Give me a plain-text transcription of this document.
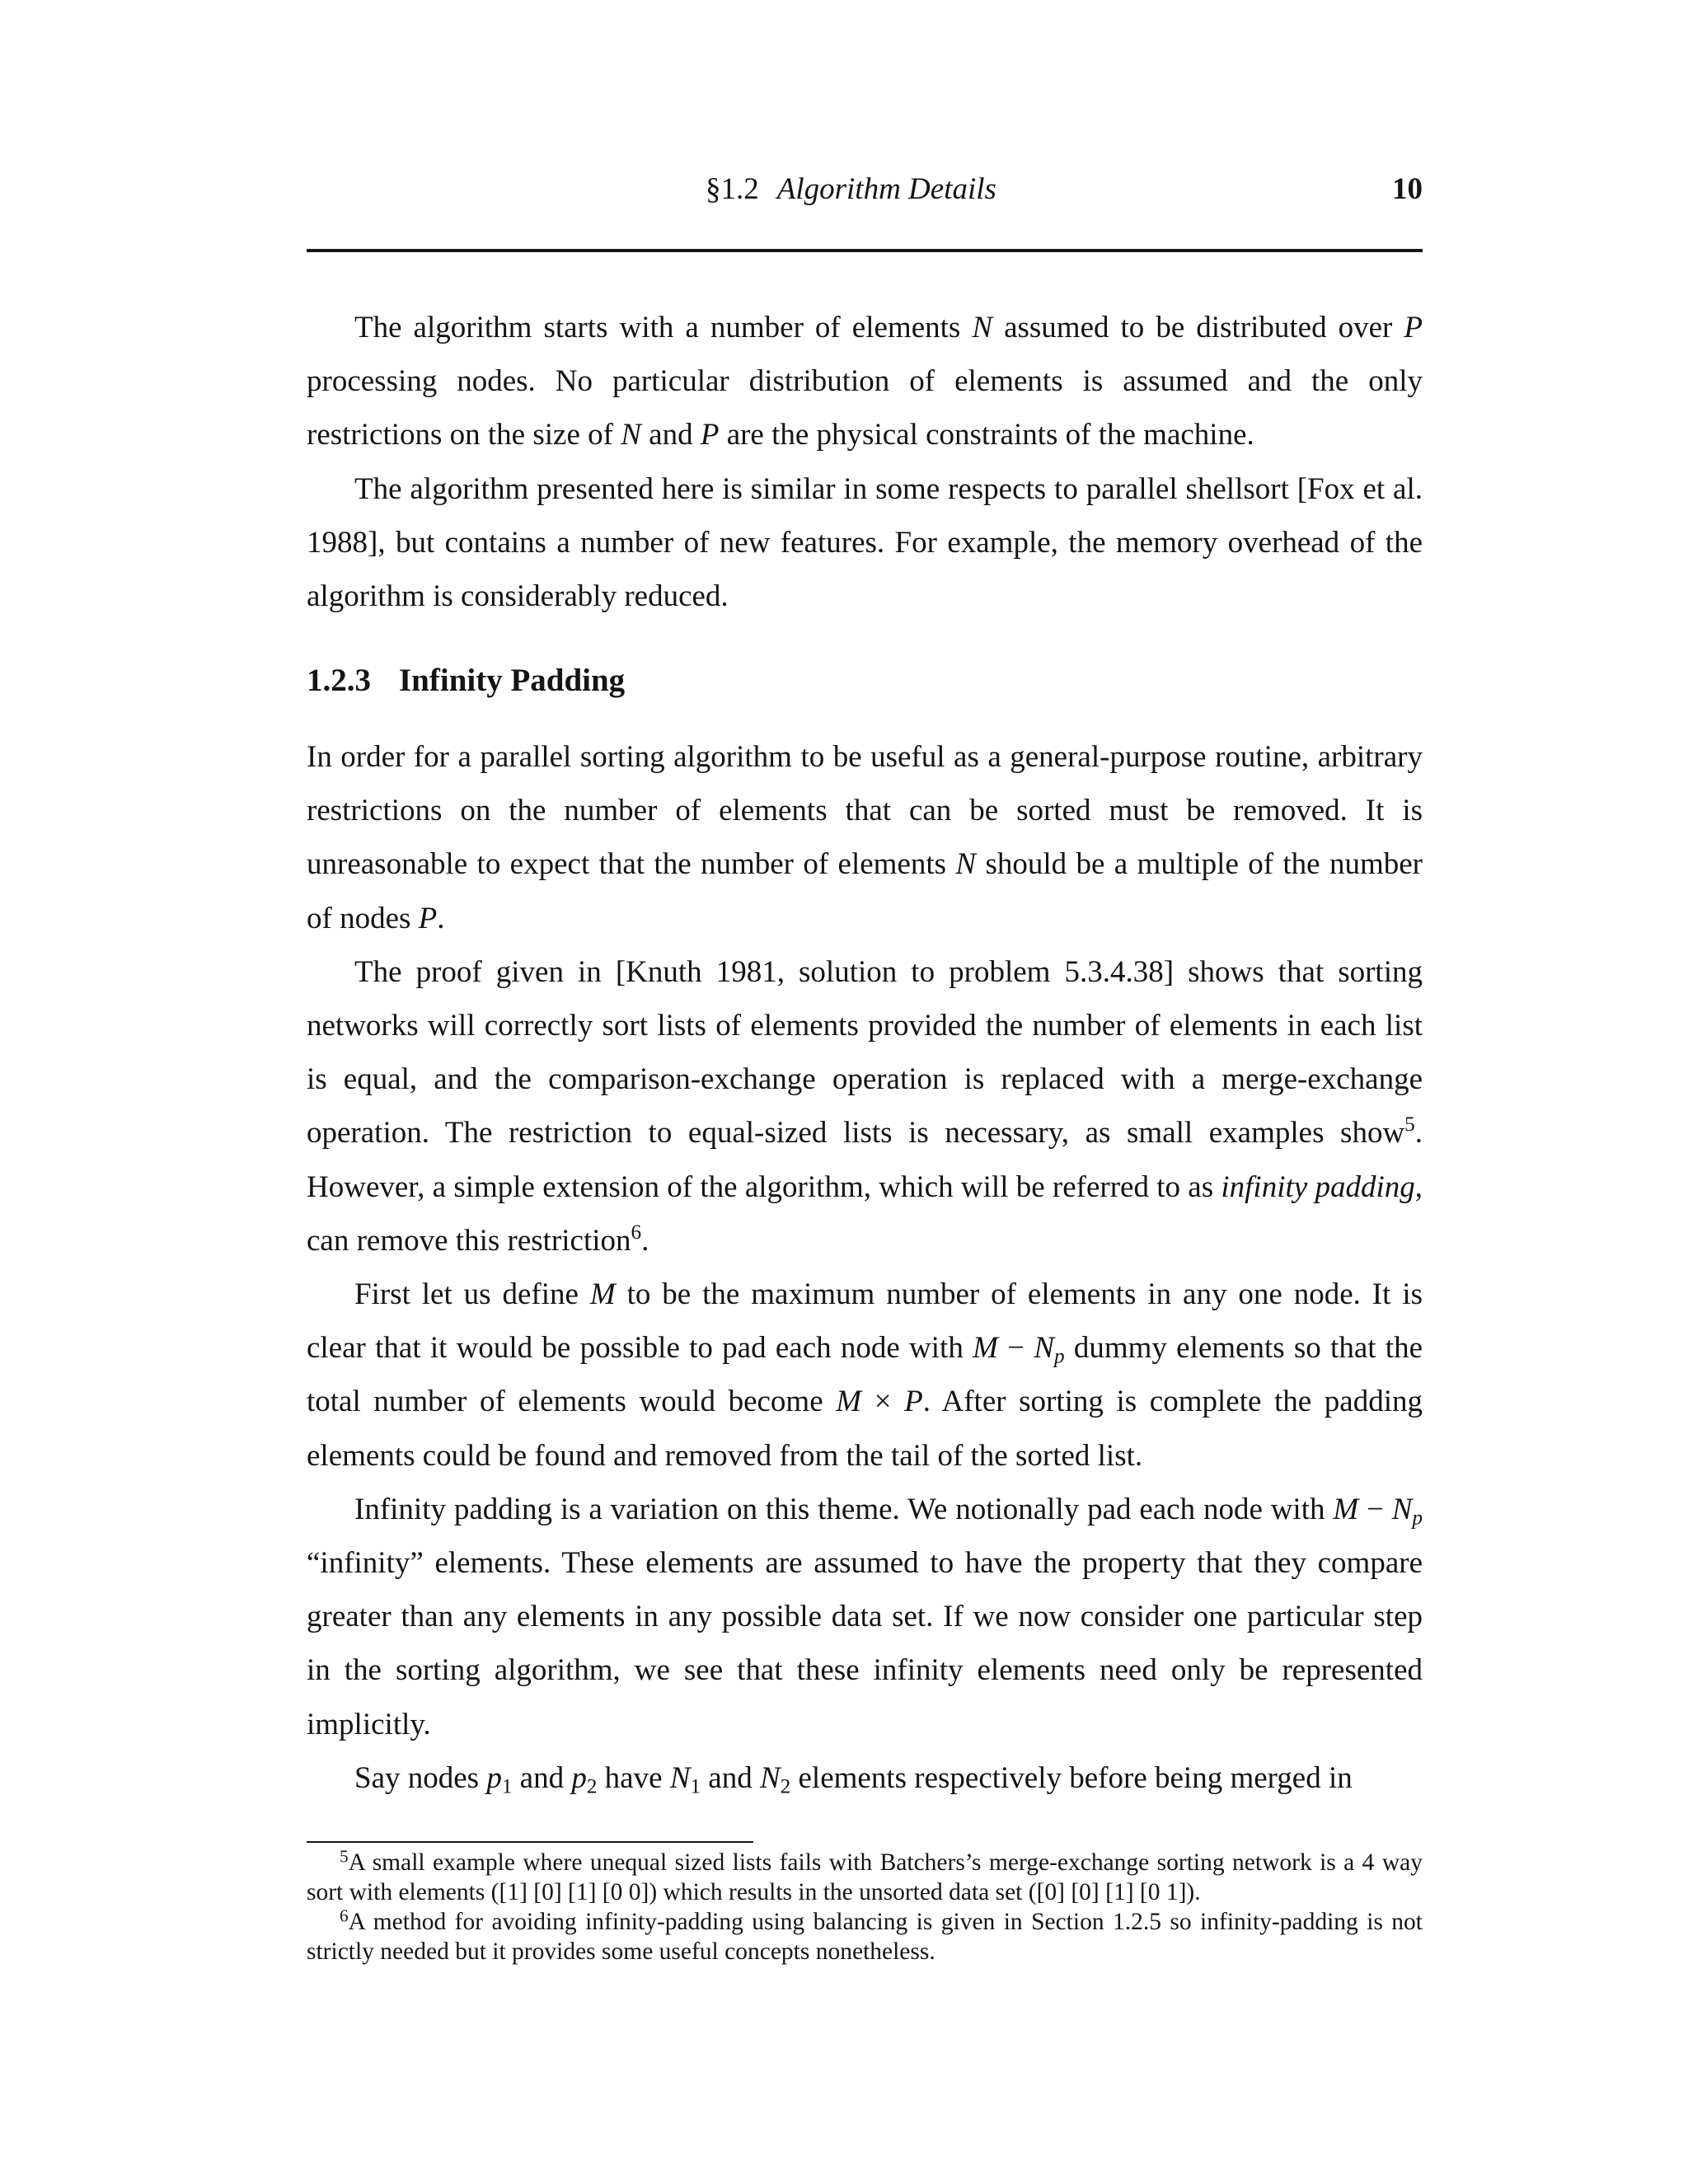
§1.2 Algorithm Details	10

The algorithm starts with a number of elements N assumed to be distributed over P processing nodes. No particular distribution of elements is assumed and the only restrictions on the size of N and P are the physical constraints of the machine.

The algorithm presented here is similar in some respects to parallel shellsort [Fox et al. 1988], but contains a number of new features. For example, the memory overhead of the algorithm is considerably reduced.

1.2.3 Infinity Padding

In order for a parallel sorting algorithm to be useful as a general-purpose routine, arbitrary restrictions on the number of elements that can be sorted must be removed. It is unreasonable to expect that the number of elements N should be a multiple of the number of nodes P.

The proof given in [Knuth 1981, solution to problem 5.3.4.38] shows that sorting networks will correctly sort lists of elements provided the number of elements in each list is equal, and the comparison-exchange operation is replaced with a merge-exchange operation. The restriction to equal-sized lists is necessary, as small examples show$^5$. However, a simple extension of the algorithm, which will be referred to as infinity padding, can remove this restriction$^6$.

First let us define M to be the maximum number of elements in any one node. It is clear that it would be possible to pad each node with $M - N_p$ dummy elements so that the total number of elements would become M × P. After sorting is complete the padding elements could be found and removed from the tail of the sorted list.

Infinity padding is a variation on this theme. We notionally pad each node with $M - N_p$ “infinity” elements. These elements are assumed to have the property that they compare greater than any elements in any possible data set. If we now consider one particular step in the sorting algorithm, we see that these infinity elements need only be represented implicitly.

Say nodes $p_1$ and $p_2$ have $N_1$ and $N_2$ elements respectively before being merged in

$^5$A small example where unequal sized lists fails with Batchers’s merge-exchange sorting network is a 4 way sort with elements ([1] [0] [1] [0 0]) which results in the unsorted data set ([0] [0] [1] [0 1]).

$^6$A method for avoiding infinity-padding using balancing is given in Section 1.2.5 so infinity-padding is not strictly needed but it provides some useful concepts nonetheless.
